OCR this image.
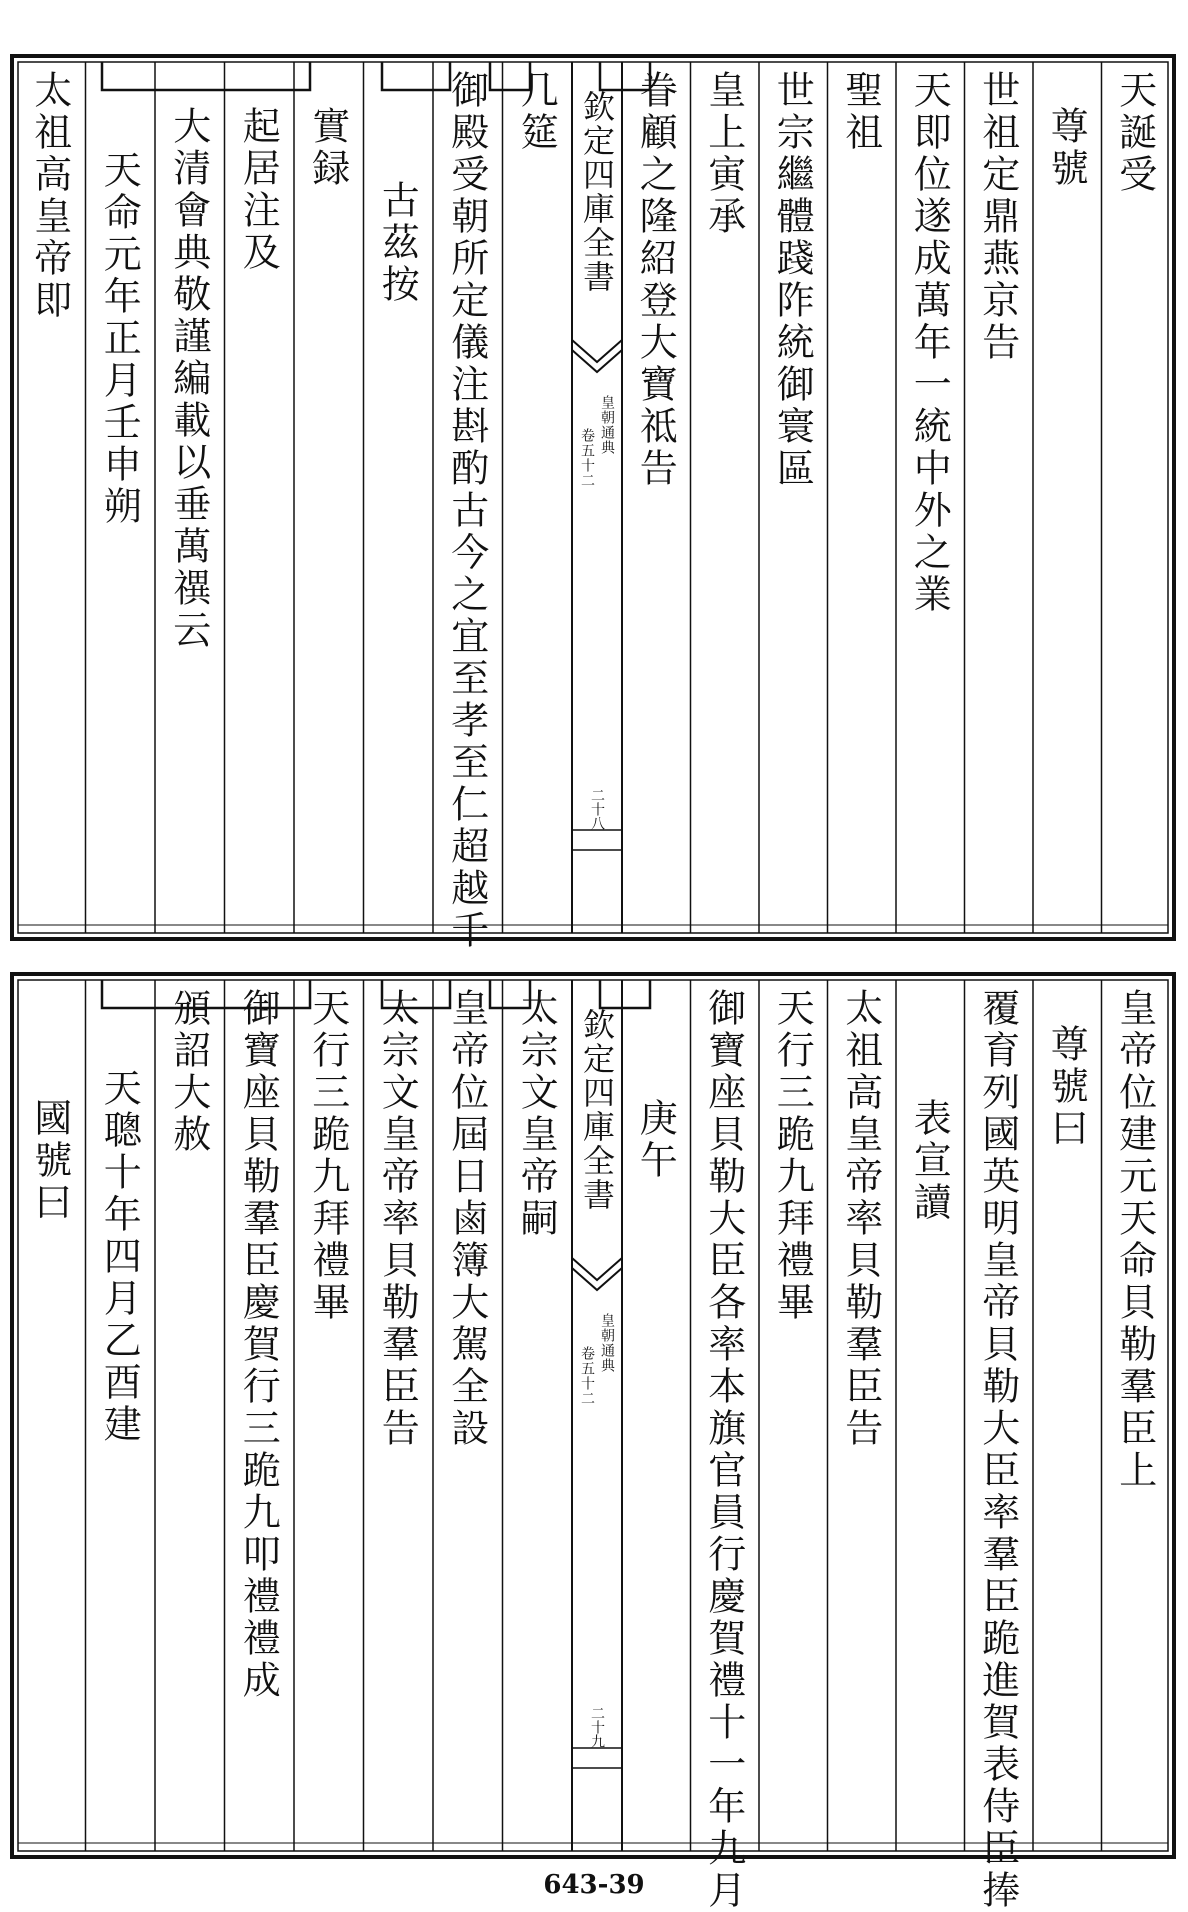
欽定四庫全書
皇朝通典
卷五十二
二十八
天誕受
尊號
世祖定鼎燕京告
天即位遂成萬年一統中外之業
聖祖
世宗繼體踐阼統御寰區
皇上寅承
眷顧之隆紹登大寶祗告
几筵
御殿受朝所定儀注斟酌古今之宜至孝至仁超越千
古茲按
實録
起居注及
大清會典敬謹編載以垂萬禩云
天命元年正月壬申朔
太祖高皇帝即
欽定四庫全書
皇朝通典
卷五十二
二十九
皇帝位建元天命貝勒羣臣上
尊號曰
覆育列國英明皇帝貝勒大臣率羣臣跪進賀表侍臣捧
表宣讀
太祖高皇帝率貝勒羣臣告
天行三跪九拜禮畢
御寶座貝勒大臣各率本旗官員行慶賀禮十一年九月
庚午
太宗文皇帝嗣
皇帝位屆日鹵簿大駕全設
太宗文皇帝率貝勒羣臣告
天行三跪九拜禮畢
御寶座貝勒羣臣慶賀行三跪九叩禮禮成
頒詔大赦
天聰十年四月乙酉建
國號曰
643-39
